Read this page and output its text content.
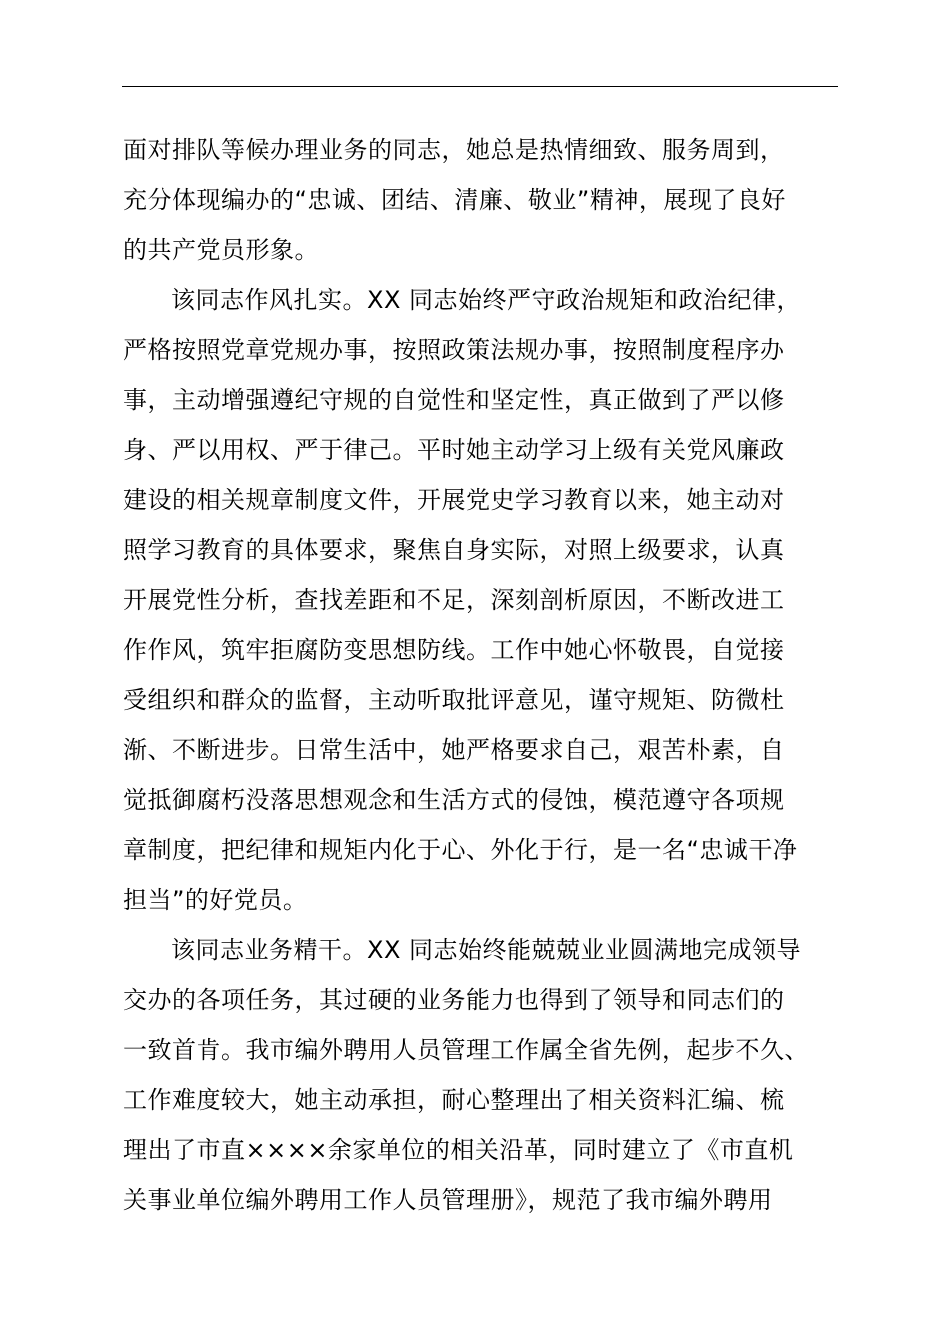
面对排队等候办理业务的同志，她总是热情细致、服务周到，
充分体现编办的“忠诚、团结、清廉、敬业”精神，展现了良好
的共产党员形象。
该同志作风扎实。XX 同志始终严守政治规矩和政治纪律，
严格按照党章党规办事，按照政策法规办事，按照制度程序办
事，主动增强遵纪守规的自觉性和坚定性，真正做到了严以修
身、严以用权、严于律己。平时她主动学习上级有关党风廉政
建设的相关规章制度文件，开展党史学习教育以来，她主动对
照学习教育的具体要求，聚焦自身实际，对照上级要求，认真
开展党性分析，查找差距和不足，深刻剖析原因，不断改进工
作作风，筑牢拒腐防变思想防线。工作中她心怀敬畏，自觉接
受组织和群众的监督，主动听取批评意见，谨守规矩、防微杜
渐、不断进步。日常生活中，她严格要求自己，艰苦朴素，自
觉抵御腐朽没落思想观念和生活方式的侵蚀，模范遵守各项规
章制度，把纪律和规矩内化于心、外化于行，是一名“忠诚干净
担当”的好党员。
该同志业务精干。XX 同志始终能兢兢业业圆满地完成领导
交办的各项任务，其过硬的业务能力也得到了领导和同志们的
一致首肯。我市编外聘用人员管理工作属全省先例，起步不久、
工作难度较大，她主动承担，耐心整理出了相关资料汇编、梳
理出了市直××××余家单位的相关沿革，同时建立了《市直机
关事业单位编外聘用工作人员管理册》，规范了我市编外聘用
